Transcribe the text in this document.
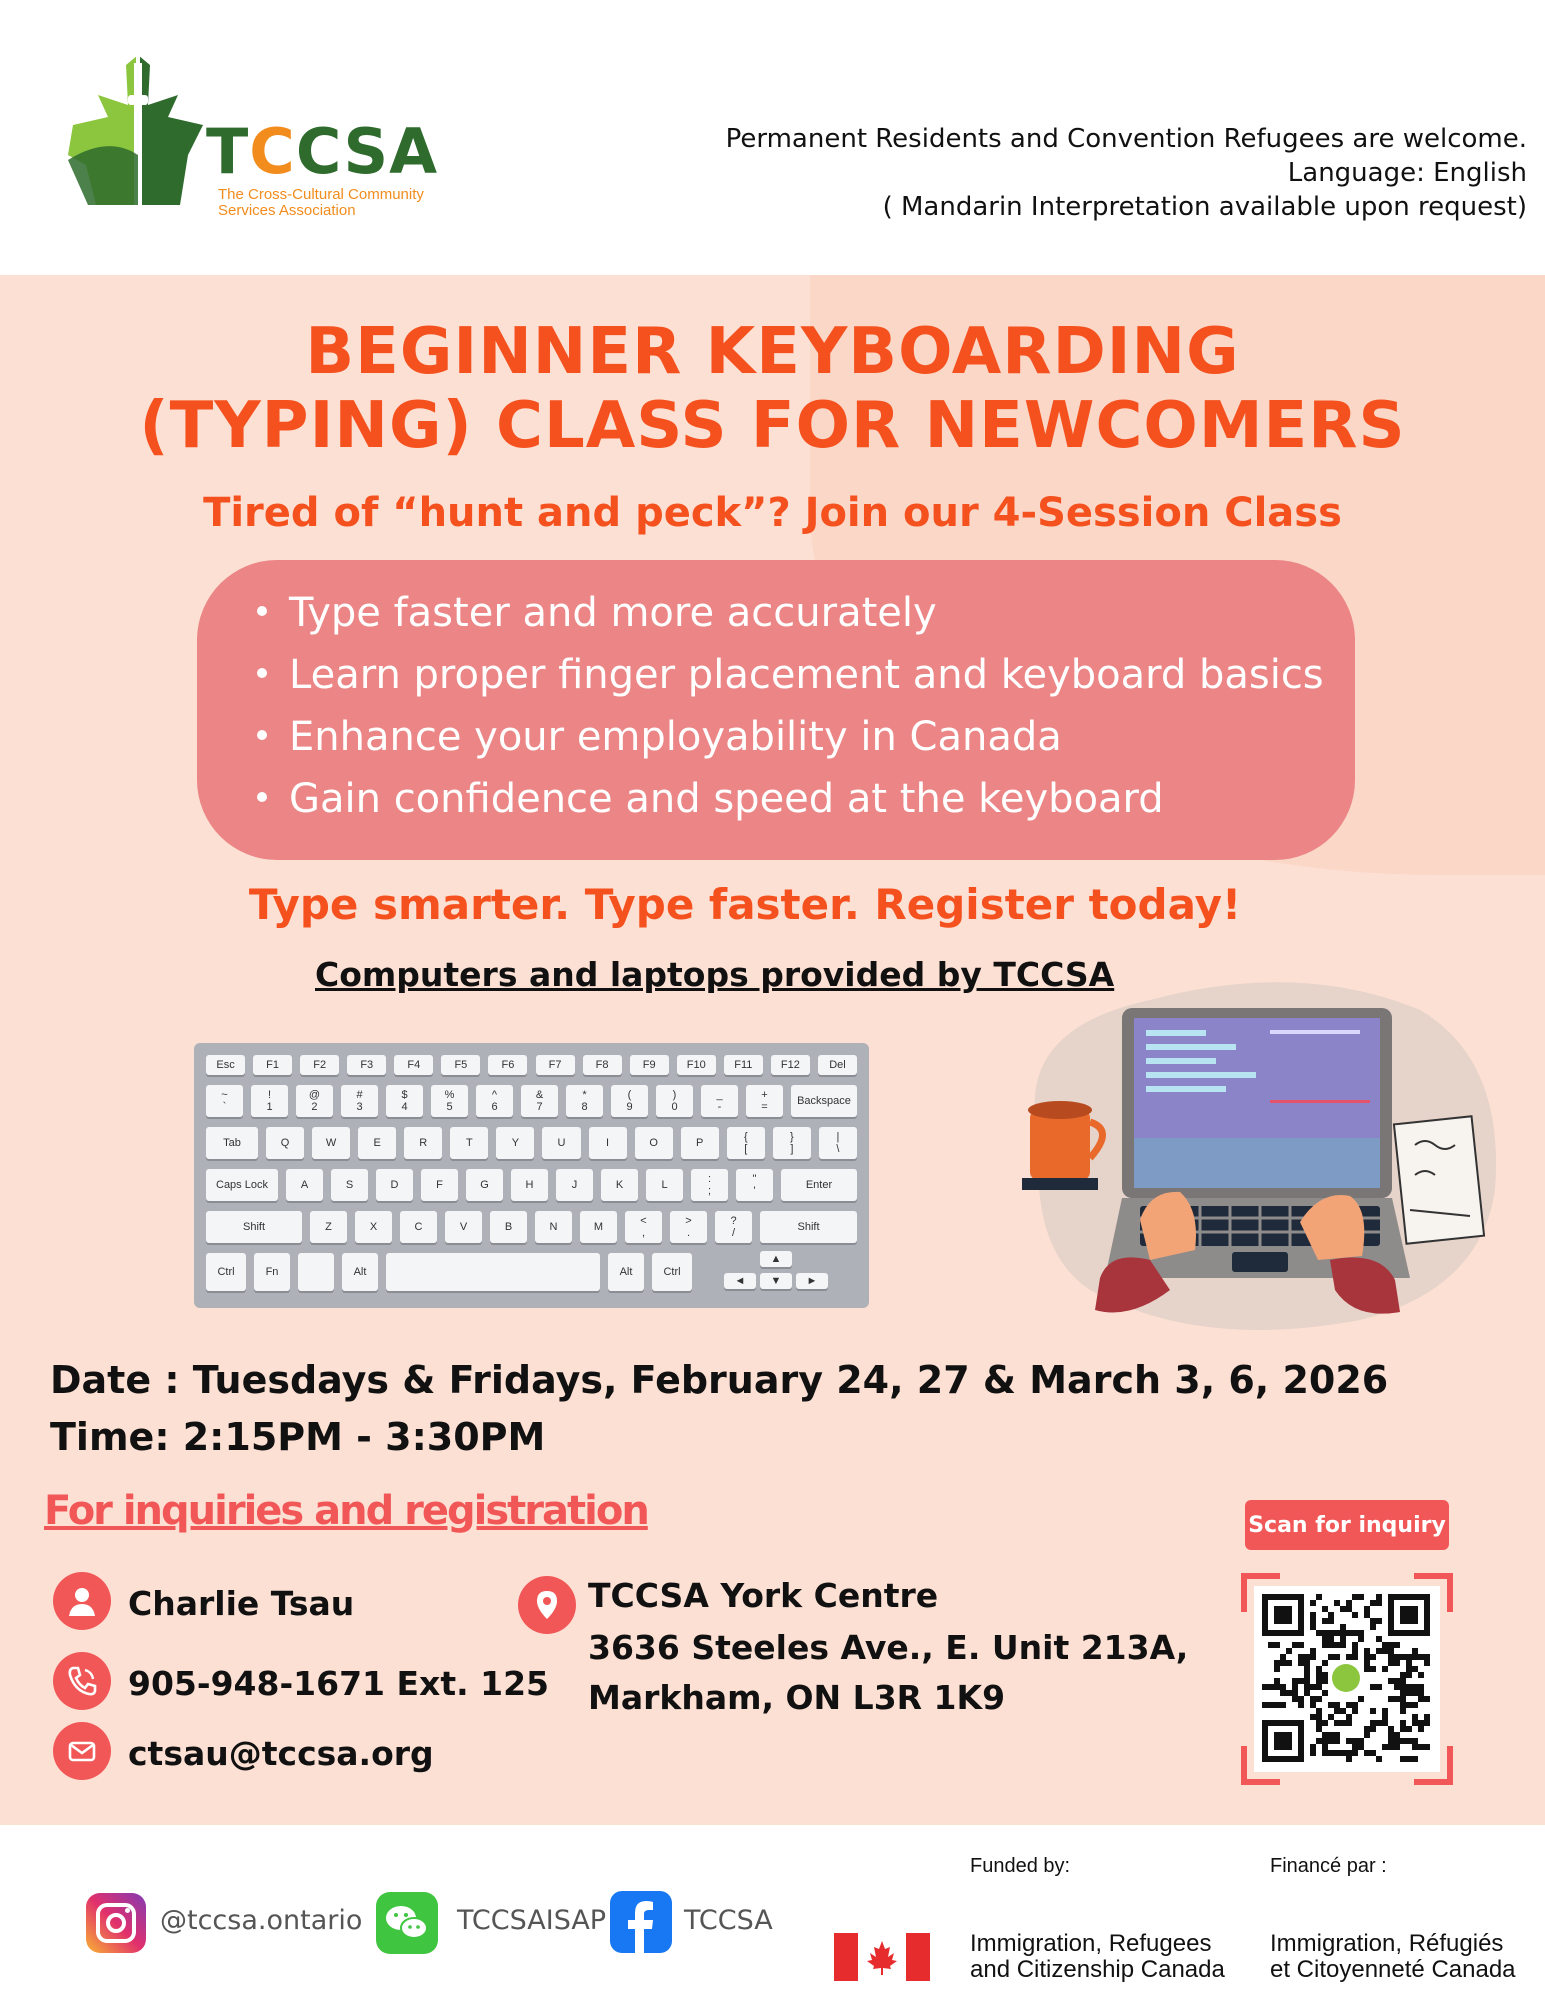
TCCSA
The Cross-Cultural Community
Services Association
Permanent Residents and Convention Refugees are welcome.
Language: English
( Mandarin Interpretation available upon request)
BEGINNER KEYBOARDING
(TYPING) CLASS FOR NEWCOMERS
Tired of “hunt and peck”? Join our 4-Session Class
Type faster and more accurately
Learn proper finger placement and keyboard basics
Enhance your employability in Canada
Gain confidence and speed at the keyboard
Type smarter. Type faster. Register today!
Computers and laptops provided by TCCSA
Esc	F1	F2	F3	F4	F5	F6	F7	F8	F9	F10	F11	F12	Del
~
`
!
1
@
2
#
3
$
4
%
5
^
6
&
7
*
8
(
9
)
0
_
-
+
=	Backspace
Tab	Q	W	E	R	T	Y	U	I	O	P	{
[
}
]
|
\
Caps Lock	A	S	D	F	G	H	J	K	L	:
;
"
'	Enter
Shift	Z	X	C	V	B	N	M	<
,
>
.
?
/	Shift
Ctrl	Fn	Alt	Alt	Ctrl
▲
◄	▼	►
Date : Tuesdays & Fridays, February 24, 27 & March 3, 6, 2026
Time: 2:15PM - 3:30PM
For inquiries and registration
Charlie Tsau
905-948-1671 Ext. 125
ctsau@tccsa.org
TCCSA York Centre
3636 Steeles Ave., E. Unit 213A,
Markham, ON L3R 1K9
Scan for inquiry
@tccsa.ontario	TCCSAISAP	TCCSA
Funded by:	Financé par :
Immigration, Refugees
and Citizenship Canada
Immigration, Réfugiés
et Citoyenneté Canada
